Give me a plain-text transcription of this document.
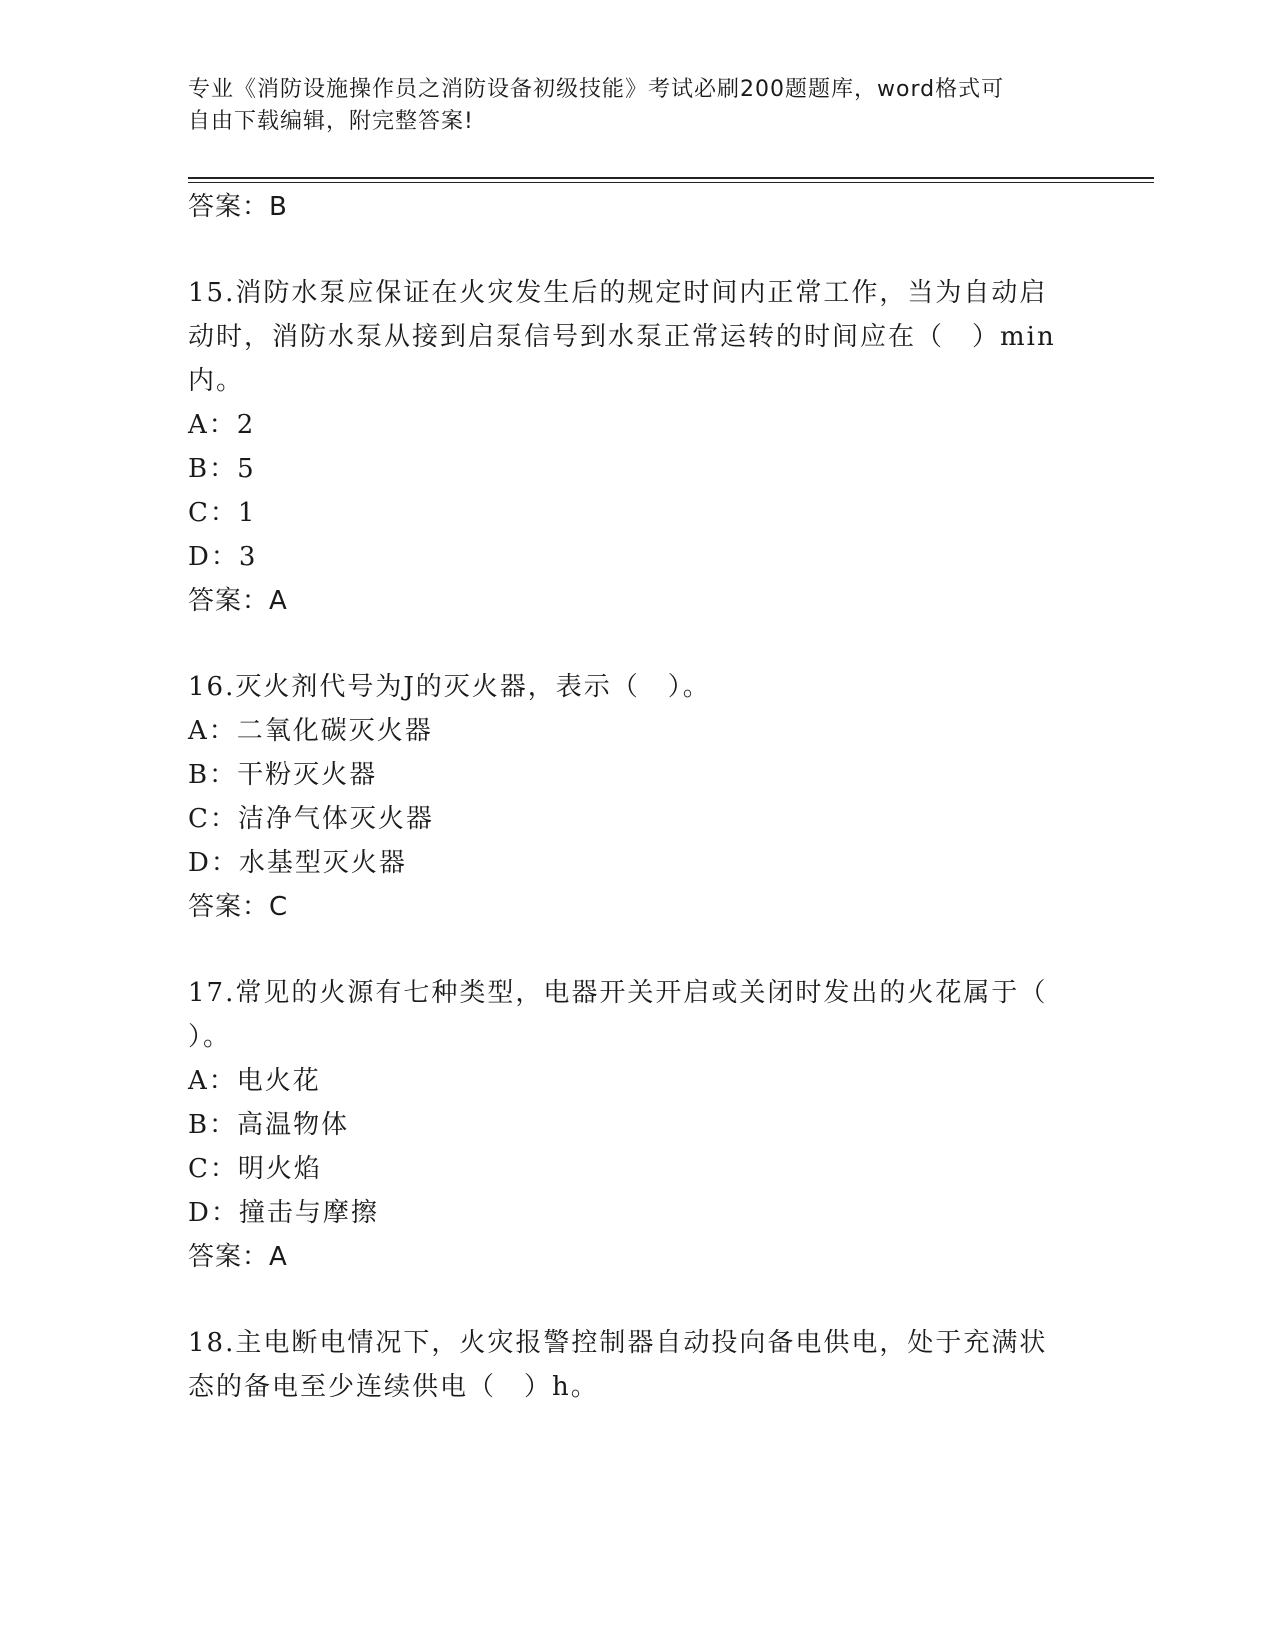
专业《消防设施操作员之消防设备初级技能》考试必刷200题题库，word格式可
自由下载编辑，附完整答案!
答案：B
15.消防水泵应保证在火灾发生后的规定时间内正常工作，当为自动启
动时，消防水泵从接到启泵信号到水泵正常运转的时间应在（　）min
内。
A：2
B：5
C：1
D：3
答案：A
16.灭火剂代号为J的灭火器，表示（　）。
A：二氧化碳灭火器
B：干粉灭火器
C：洁净气体灭火器
D：水基型灭火器
答案：C
17.常见的火源有七种类型，电器开关开启或关闭时发出的火花属于（
）。
A：电火花
B：高温物体
C：明火焰
D：撞击与摩擦
答案：A
18.主电断电情况下，火灾报警控制器自动投向备电供电，处于充满状
态的备电至少连续供电（　）h。
